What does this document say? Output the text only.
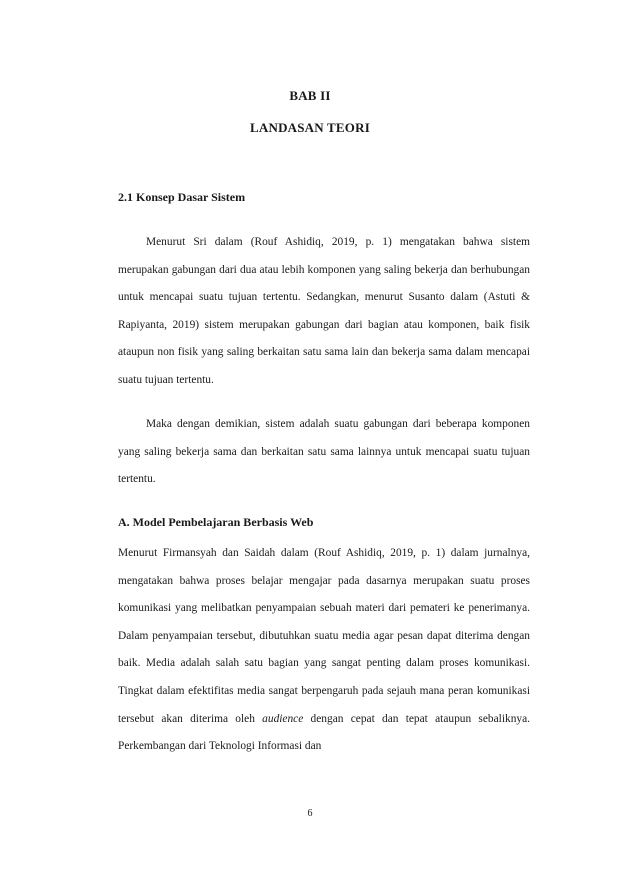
BAB II
LANDASAN TEORI
2.1 Konsep Dasar Sistem
Menurut Sri dalam (Rouf Ashidiq, 2019, p. 1) mengatakan bahwa sistem merupakan gabungan dari dua atau lebih komponen yang saling bekerja dan berhubungan untuk mencapai suatu tujuan tertentu. Sedangkan, menurut Susanto dalam (Astuti & Rapiyanta, 2019) sistem merupakan gabungan dari bagian atau komponen, baik fisik ataupun non fisik yang saling berkaitan satu sama lain dan bekerja sama dalam mencapai suatu tujuan tertentu.
Maka dengan demikian, sistem adalah suatu gabungan dari beberapa komponen yang saling bekerja sama dan berkaitan satu sama lainnya untuk mencapai suatu tujuan tertentu.
A. Model Pembelajaran Berbasis Web
Menurut Firmansyah dan Saidah dalam (Rouf Ashidiq, 2019, p. 1) dalam jurnalnya, mengatakan bahwa proses belajar mengajar pada dasarnya merupakan suatu proses komunikasi yang melibatkan penyampaian sebuah materi dari pemateri ke penerimanya. Dalam penyampaian tersebut, dibutuhkan suatu media agar pesan dapat diterima dengan baik. Media adalah salah satu bagian yang sangat penting dalam proses komunikasi. Tingkat dalam efektifitas media sangat berpengaruh pada sejauh mana peran komunikasi tersebut akan diterima oleh audience dengan cepat dan tepat ataupun sebaliknya. Perkembangan dari Teknologi Informasi dan
6
